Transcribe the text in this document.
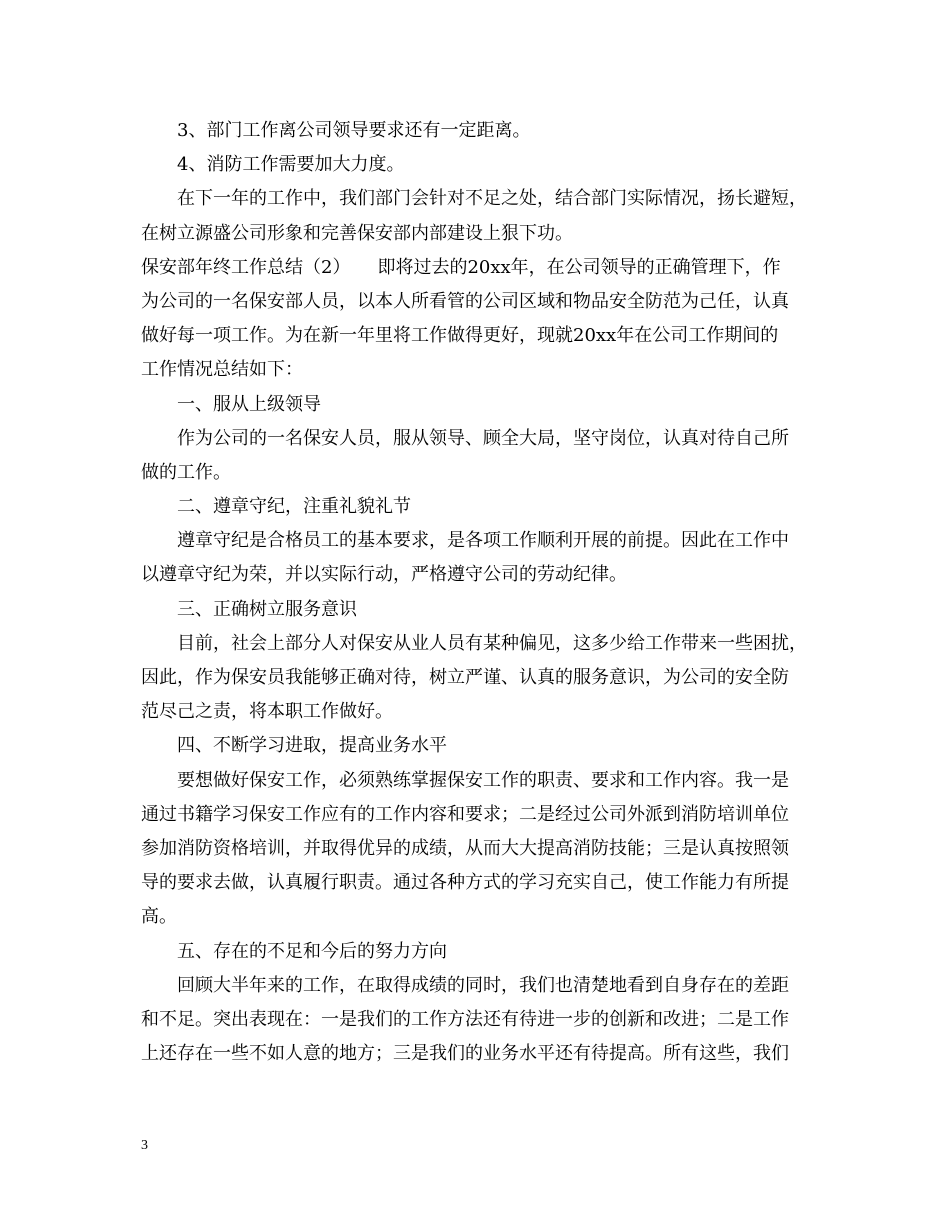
3、部门工作离公司领导要求还有一定距离。
4、消防工作需要加大力度。
在下一年的工作中，我们部门会针对不足之处，结合部门实际情况，扬长避短，
在树立源盛公司形象和完善保安部内部建设上狠下功。
保安部年终工作总结（2）　　即将过去的20xx年，在公司领导的正确管理下，作
为公司的一名保安部人员，以本人所看管的公司区域和物品安全防范为己任，认真
做好每一项工作。为在新一年里将工作做得更好，现就20xx年在公司工作期间的
工作情况总结如下：
一、服从上级领导
作为公司的一名保安人员，服从领导、顾全大局，坚守岗位，认真对待自己所
做的工作。
二、遵章守纪，注重礼貌礼节
遵章守纪是合格员工的基本要求，是各项工作顺利开展的前提。因此在工作中
以遵章守纪为荣，并以实际行动，严格遵守公司的劳动纪律。
三、正确树立服务意识
目前，社会上部分人对保安从业人员有某种偏见，这多少给工作带来一些困扰，
因此，作为保安员我能够正确对待，树立严谨、认真的服务意识，为公司的安全防
范尽己之责，将本职工作做好。
四、不断学习进取，提高业务水平
要想做好保安工作，必须熟练掌握保安工作的职责、要求和工作内容。我一是
通过书籍学习保安工作应有的工作内容和要求；二是经过公司外派到消防培训单位
参加消防资格培训，并取得优异的成绩，从而大大提高消防技能；三是认真按照领
导的要求去做，认真履行职责。通过各种方式的学习充实自己，使工作能力有所提
高。
五、存在的不足和今后的努力方向
回顾大半年来的工作，在取得成绩的同时，我们也清楚地看到自身存在的差距
和不足。突出表现在：一是我们的工作方法还有待进一步的创新和改进；二是工作
上还存在一些不如人意的地方；三是我们的业务水平还有待提高。所有这些，我们
3
